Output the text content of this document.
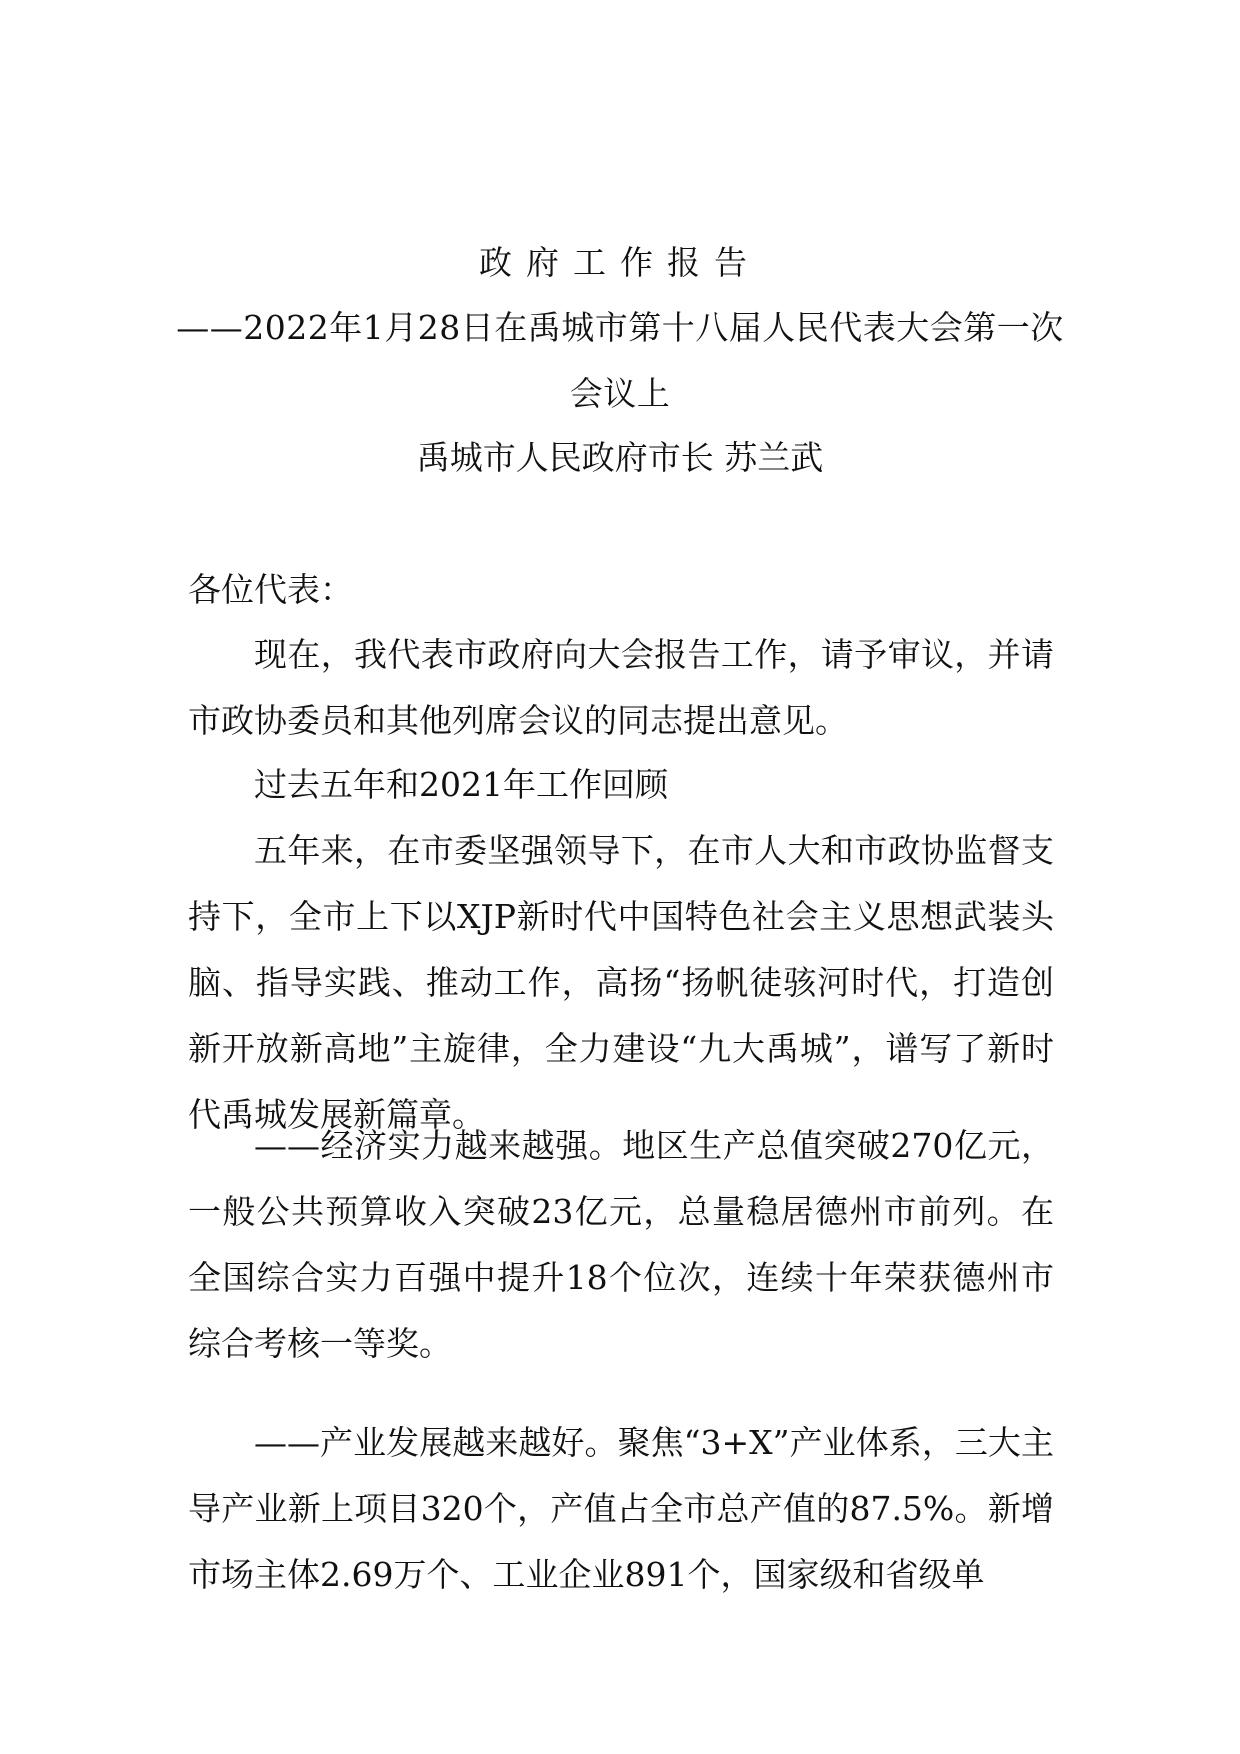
政府工作报告
——2022年1月28日在禹城市第十八届人民代表大会第一次会议上
禹城市人民政府市长 苏兰武
各位代表：
现在，我代表市政府向大会报告工作，请予审议，并请市政协委员和其他列席会议的同志提出意见。
过去五年和2021年工作回顾
五年来，在市委坚强领导下，在市人大和市政协监督支持下，全市上下以XJP新时代中国特色社会主义思想武装头脑、指导实践、推动工作，高扬“扬帆徒骇河时代，打造创新开放新高地”主旋律，全力建设“九大禹城”，谱写了新时代禹城发展新篇章。
——经济实力越来越强。地区生产总值突破270亿元，一般公共预算收入突破23亿元，总量稳居德州市前列。在全国综合实力百强中提升18个位次，连续十年荣获德州市综合考核一等奖。
——产业发展越来越好。聚焦“3+X”产业体系，三大主导产业新上项目320个，产值占全市总产值的87.5%。新增市场主体2.69万个、工业企业891个，国家级和省级单
